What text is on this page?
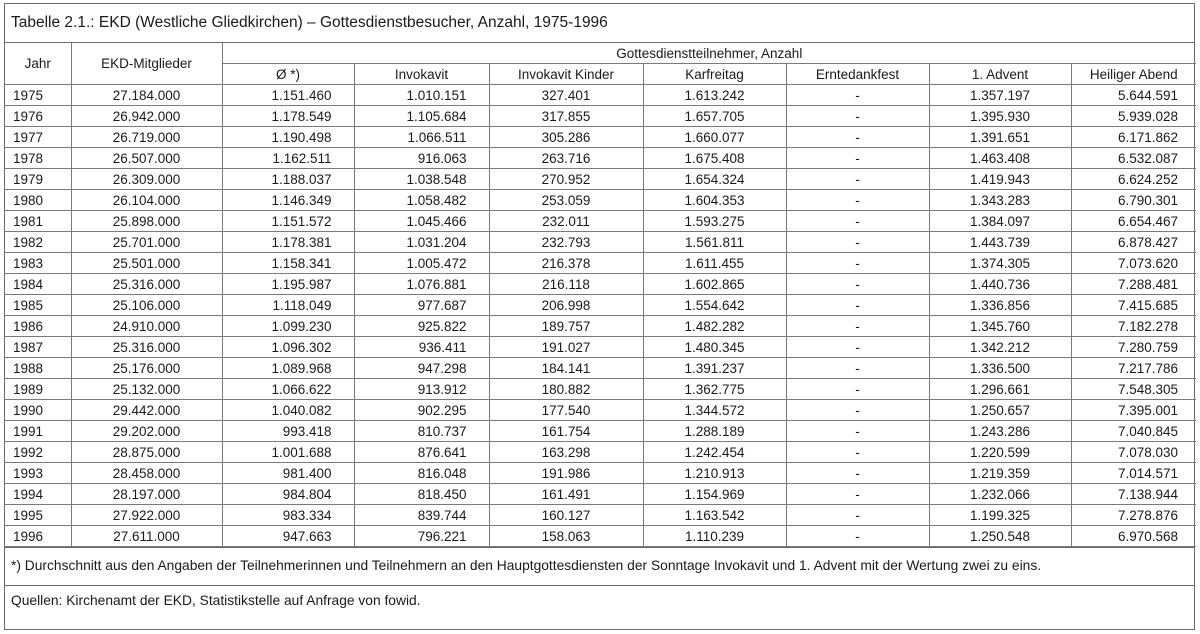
Tabelle 2.1.: EKD (Westliche Gliedkirchen) – Gottesdienstbesucher, Anzahl, 1975-1996
Jahr	EKD-Mitglieder	Gottesdienstteilnehmer, Anzahl						
		Ø *)	Invokavit	Invokavit Kinder	Karfreitag	Erntedankfest	1. Advent	Heiliger Abend
1975	27.184.000	1.151.460	1.010.151	327.401	1.613.242	-	1.357.197	5.644.591
1976	26.942.000	1.178.549	1.105.684	317.855	1.657.705	-	1.395.930	5.939.028
1977	26.719.000	1.190.498	1.066.511	305.286	1.660.077	-	1.391.651	6.171.862
1978	26.507.000	1.162.511	916.063	263.716	1.675.408	-	1.463.408	6.532.087
1979	26.309.000	1.188.037	1.038.548	270.952	1.654.324	-	1.419.943	6.624.252
1980	26.104.000	1.146.349	1.058.482	253.059	1.604.353	-	1.343.283	6.790.301
1981	25.898.000	1.151.572	1.045.466	232.011	1.593.275	-	1.384.097	6.654.467
1982	25.701.000	1.178.381	1.031.204	232.793	1.561.811	-	1.443.739	6.878.427
1983	25.501.000	1.158.341	1.005.472	216.378	1.611.455	-	1.374.305	7.073.620
1984	25.316.000	1.195.987	1.076.881	216.118	1.602.865	-	1.440.736	7.288.481
1985	25.106.000	1.118.049	977.687	206.998	1.554.642	-	1.336.856	7.415.685
1986	24.910.000	1.099.230	925.822	189.757	1.482.282	-	1.345.760	7.182.278
1987	25.316.000	1.096.302	936.411	191.027	1.480.345	-	1.342.212	7.280.759
1988	25.176.000	1.089.968	947.298	184.141	1.391.237	-	1.336.500	7.217.786
1989	25.132.000	1.066.622	913.912	180.882	1.362.775	-	1.296.661	7.548.305
1990	29.442.000	1.040.082	902.295	177.540	1.344.572	-	1.250.657	7.395.001
1991	29.202.000	993.418	810.737	161.754	1.288.189	-	1.243.286	7.040.845
1992	28.875.000	1.001.688	876.641	163.298	1.242.454	-	1.220.599	7.078.030
1993	28.458.000	981.400	816.048	191.986	1.210.913	-	1.219.359	7.014.571
1994	28.197.000	984.804	818.450	161.491	1.154.969	-	1.232.066	7.138.944
1995	27.922.000	983.334	839.744	160.127	1.163.542	-	1.199.325	7.278.876
1996	27.611.000	947.663	796.221	158.063	1.110.239	-	1.250.548	6.970.568
*) Durchschnitt aus den Angaben der Teilnehmerinnen und Teilnehmern an den Hauptgottesdiensten der Sonntage Invokavit und 1. Advent mit der Wertung zwei zu eins.
Quellen: Kirchenamt der EKD, Statistikstelle auf Anfrage von fowid.
